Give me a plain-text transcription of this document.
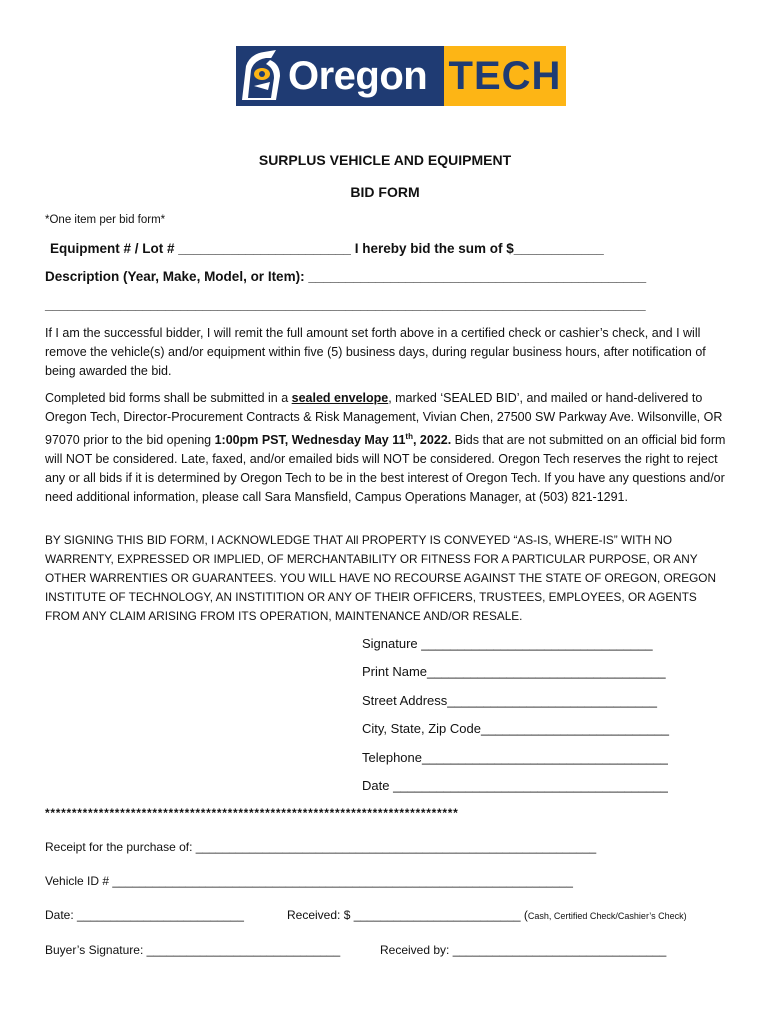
Oregon TECH
SURPLUS VEHICLE AND EQUIPMENT
BID FORM
*One item per bid form*
Equipment # / Lot # _______________________ I hereby bid the sum of $____________
Description (Year, Make, Model, or Item): _____________________________________________
________________________________________________________________________________
If I am the successful bidder, I will remit the full amount set forth above in a certified check or cashier’s check, and I will remove the vehicle(s) and/or equipment within five (5) business days, during regular business hours, after notification of being awarded the bid.
Completed bid forms shall be submitted in a sealed envelope, marked ‘SEALED BID’, and mailed or hand-delivered to Oregon Tech, Director-Procurement Contracts & Risk Management, Vivian Chen, 27500 SW Parkway Ave. Wilsonville, OR 97070 prior to the bid opening 1:00pm PST, Wednesday May 11th, 2022. Bids that are not submitted on an official bid form will NOT be considered. Late, faxed, and/or emailed bids will NOT be considered. Oregon Tech reserves the right to reject any or all bids if it is determined by Oregon Tech to be in the best interest of Oregon Tech. If you have any questions and/or need additional information, please call Sara Mansfield, Campus Operations Manager, at (503) 821-1291.
BY SIGNING THIS BID FORM, I ACKNOWLEDGE THAT All PROPERTY IS CONVEYED “AS-IS, WHERE-IS” WITH NO WARRENTY, EXPRESSED OR IMPLIED, OF MERCHANTABILITY OR FITNESS FOR A PARTICULAR PURPOSE, OR ANY OTHER WARRENTIES OR GUARANTEES. YOU WILL HAVE NO RECOURSE AGAINST THE STATE OF OREGON, OREGON INSTITUTE OF TECHNOLOGY, AN INSTITITION OR ANY OF THEIR OFFICERS, TRUSTEES, EMPLOYEES, OR AGENTS FROM ANY CLAIM ARISING FROM ITS OPERATION, MAINTENANCE AND/OR RESALE.
Signature ________________________________
Print Name_________________________________
Street Address_____________________________
City, State, Zip Code__________________________
Telephone__________________________________
Date ______________________________________
*****************************************************************************
Receipt for the purchase of: ____________________________________________________________
Vehicle ID # _____________________________________________________________________
Date: _________________________	Received: $ _________________________ (Cash, Certified Check/Cashier’s Check)
Buyer’s Signature: _____________________________	Received by: ________________________________
